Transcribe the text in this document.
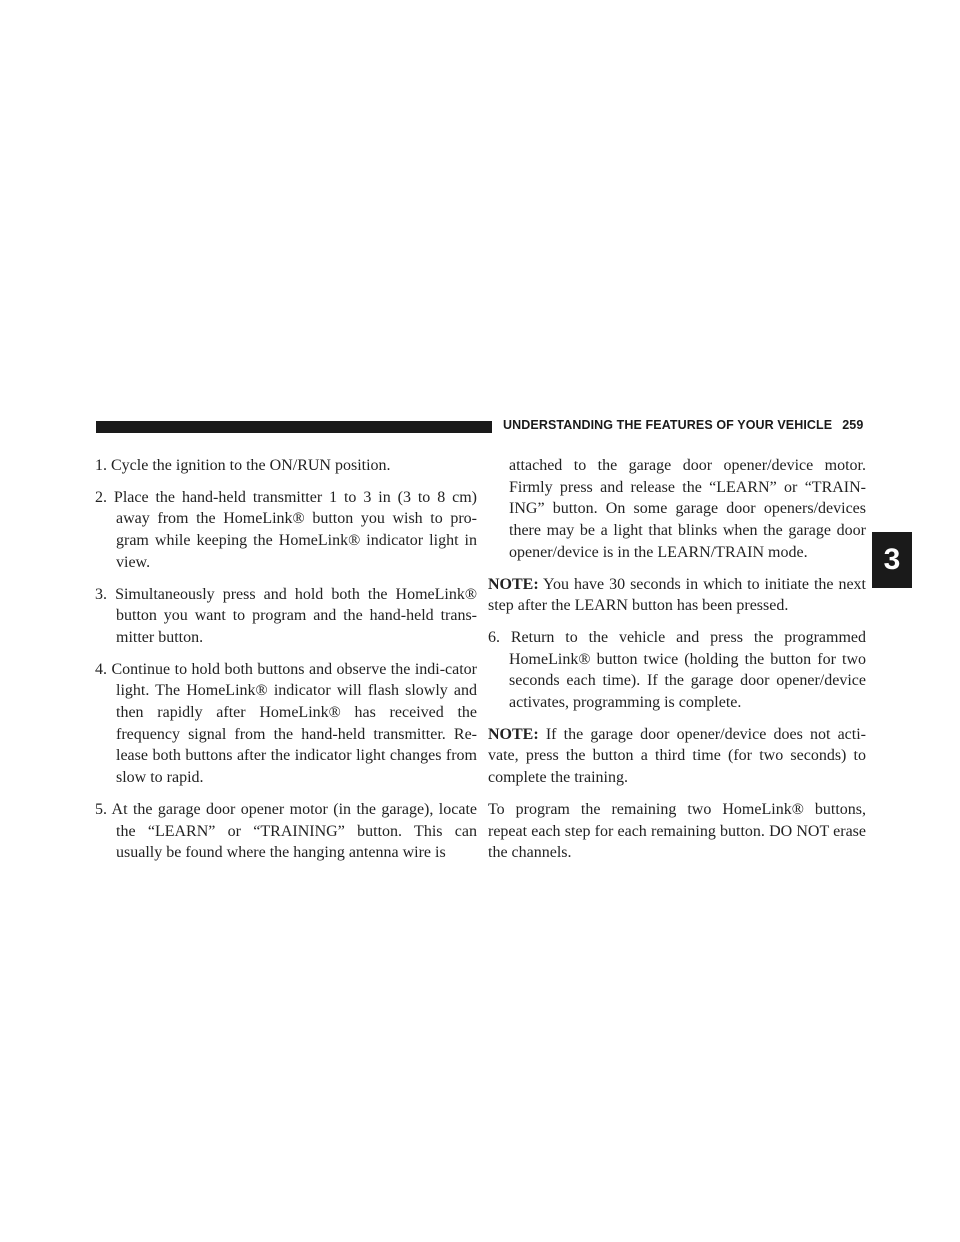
UNDERSTANDING THE FEATURES OF YOUR VEHICLE 259
3

1. Cycle the ignition to the ON/RUN position.

2. Place the hand-held transmitter 1 to 3 in (3 to 8 cm) away from the HomeLink® button you wish to pro-gram while keeping the HomeLink® indicator light in view.

3. Simultaneously press and hold both the HomeLink® button you want to program and the hand-held trans-mitter button.

4. Continue to hold both buttons and observe the indi-cator light. The HomeLink® indicator will flash slowly and then rapidly after HomeLink® has received the frequency signal from the hand-held transmitter. Re-lease both buttons after the indicator light changes from slow to rapid.

5. At the garage door opener motor (in the garage), locate the “LEARN” or “TRAINING” button. This can usually be found where the hanging antenna wire is

attached to the garage door opener/device motor. Firmly press and release the “LEARN” or “TRAIN-ING” button. On some garage door openers/devices there may be a light that blinks when the garage door opener/device is in the LEARN/TRAIN mode.

NOTE: You have 30 seconds in which to initiate the next step after the LEARN button has been pressed.

6. Return to the vehicle and press the programmed HomeLink® button twice (holding the button for two seconds each time). If the garage door opener/device activates, programming is complete.

NOTE: If the garage door opener/device does not acti-vate, press the button a third time (for two seconds) to complete the training.

To program the remaining two HomeLink® buttons, repeat each step for each remaining button. DO NOT erase the channels.
